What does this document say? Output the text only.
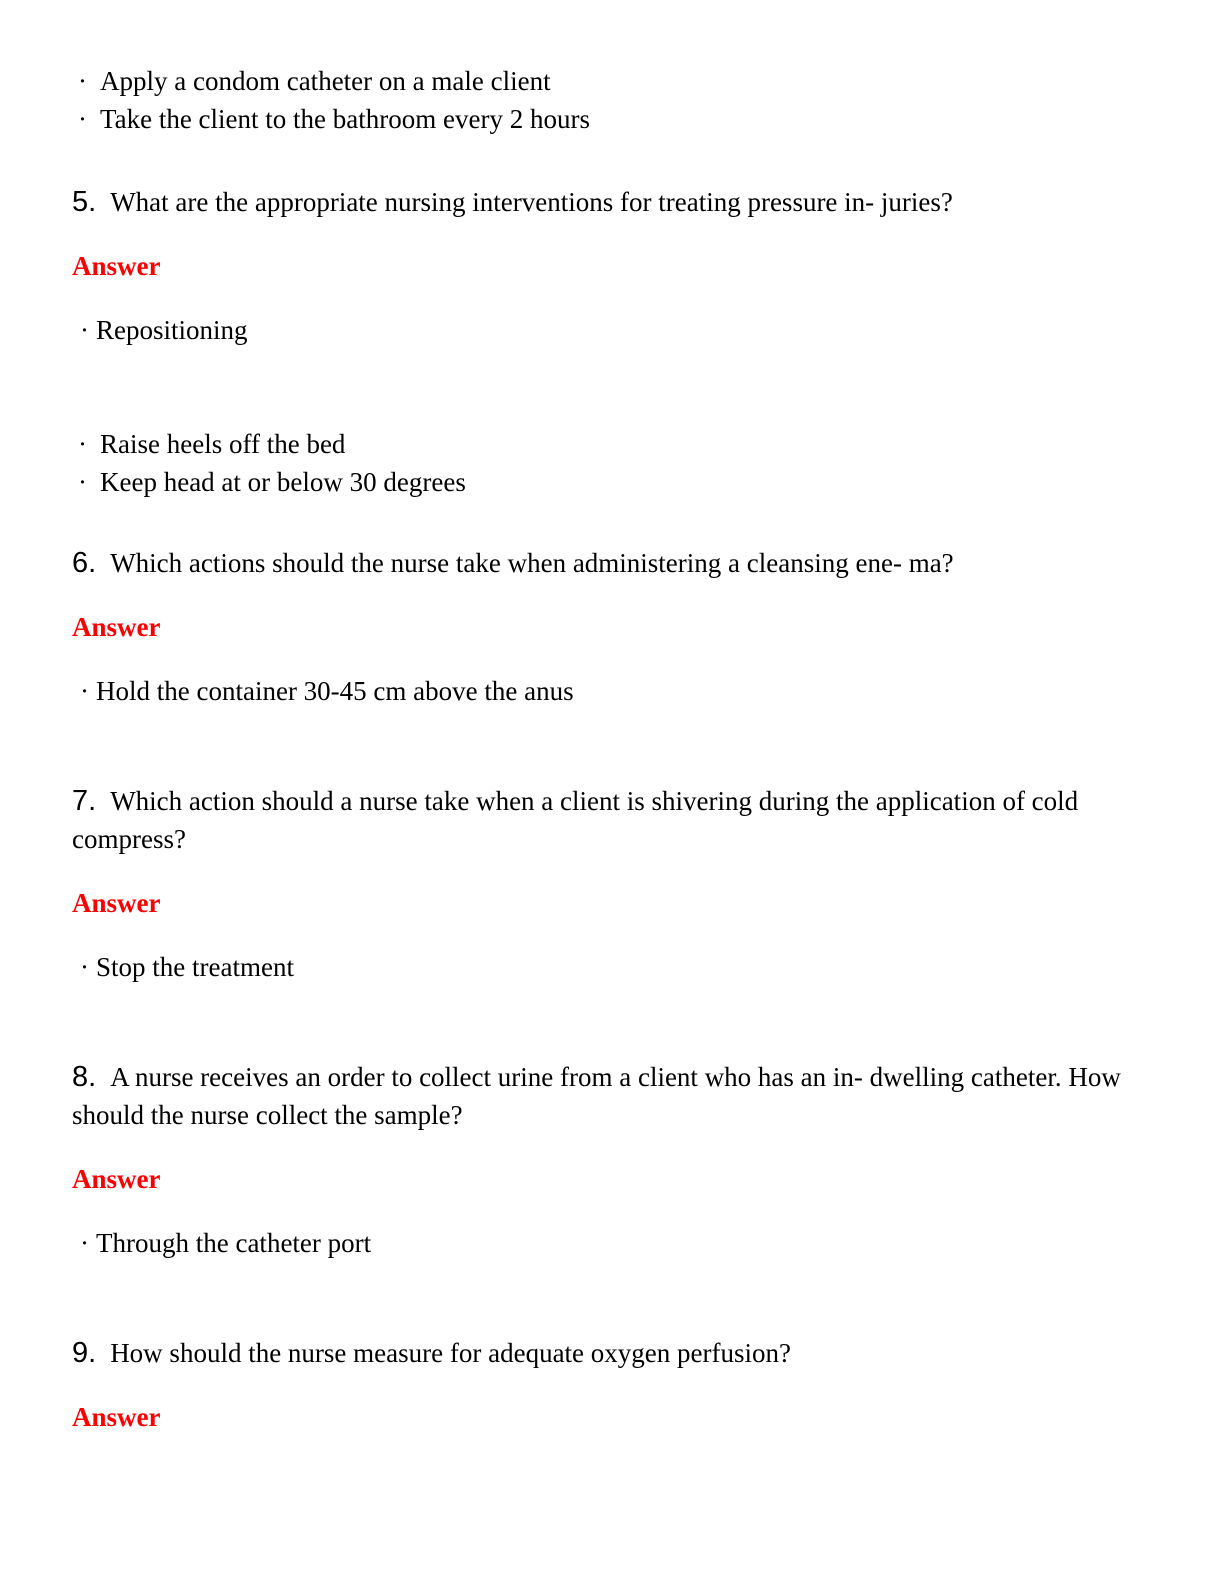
· Apply a condom catheter on a male client

· Take the client to the bathroom every 2 hours

5. What are the appropriate nursing interventions for treating pressure in- juries?

Answer

· Repositioning

· Raise heels off the bed

· Keep head at or below 30 degrees

6. Which actions should the nurse take when administering a cleansing ene- ma?

Answer

· Hold the container 30-45 cm above the anus

7. Which action should a nurse take when a client is shivering during the application of cold compress?

Answer

· Stop the treatment

8. A nurse receives an order to collect urine from a client who has an in- dwelling catheter. How should the nurse collect the sample?

Answer

· Through the catheter port

9. How should the nurse measure for adequate oxygen perfusion?

Answer
